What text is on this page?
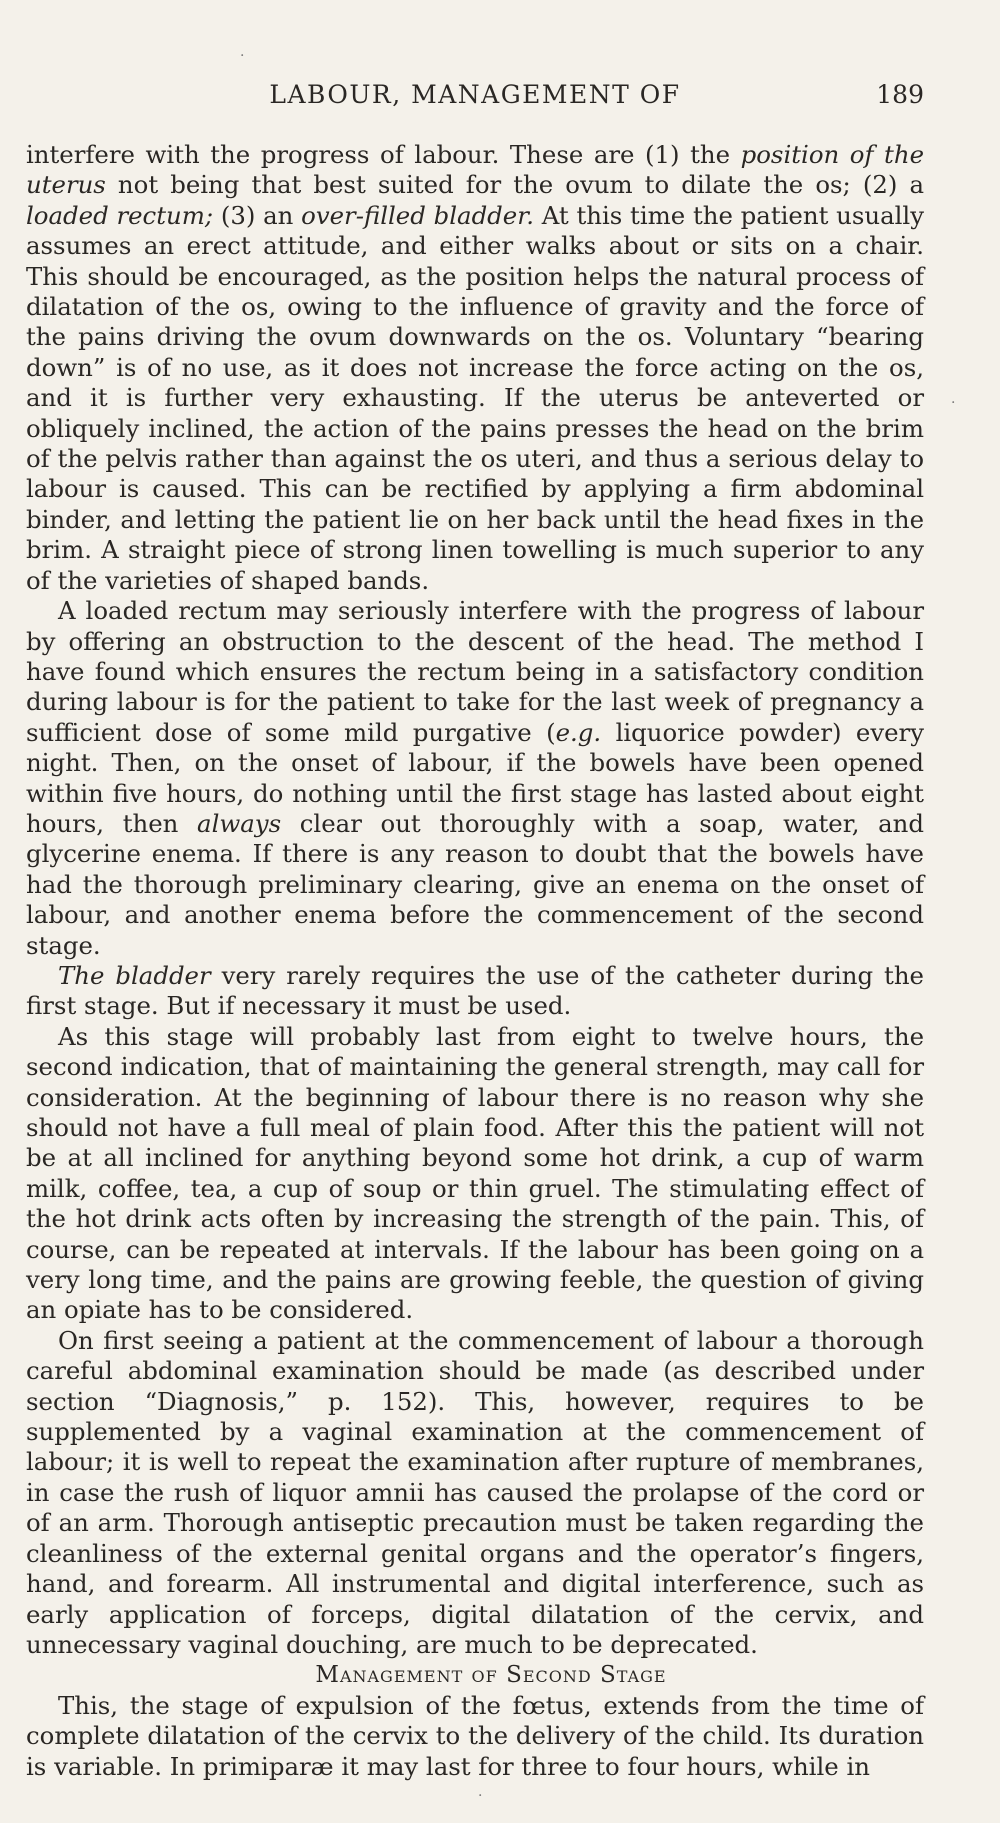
LABOUR, MANAGEMENT OF	189

interfere with the progress of labour. These are (1) the position of the uterus not being that best suited for the ovum to dilate the os; (2) a loaded rectum; (3) an over-filled bladder. At this time the patient usually assumes an erect attitude, and either walks about or sits on a chair. This should be encouraged, as the position helps the natural process of dilatation of the os, owing to the influence of gravity and the force of the pains driving the ovum downwards on the os. Voluntary “bearing down” is of no use, as it does not increase the force acting on the os, and it is further very exhausting. If the uterus be anteverted or obliquely inclined, the action of the pains presses the head on the brim of the pelvis rather than against the os uteri, and thus a serious delay to labour is caused. This can be rectified by applying a firm abdominal binder, and letting the patient lie on her back until the head fixes in the brim. A straight piece of strong linen towelling is much superior to any of the varieties of shaped bands.

A loaded rectum may seriously interfere with the progress of labour by offering an obstruction to the descent of the head. The method I have found which ensures the rectum being in a satisfactory condition during labour is for the patient to take for the last week of pregnancy a sufficient dose of some mild purgative (e.g. liquorice powder) every night. Then, on the onset of labour, if the bowels have been opened within five hours, do nothing until the first stage has lasted about eight hours, then always clear out thoroughly with a soap, water, and glycerine enema. If there is any reason to doubt that the bowels have had the thorough preliminary clearing, give an enema on the onset of labour, and another enema before the commencement of the second stage.

The bladder very rarely requires the use of the catheter during the first stage. But if necessary it must be used.

As this stage will probably last from eight to twelve hours, the second indication, that of maintaining the general strength, may call for consideration. At the beginning of labour there is no reason why she should not have a full meal of plain food. After this the patient will not be at all inclined for anything beyond some hot drink, a cup of warm milk, coffee, tea, a cup of soup or thin gruel. The stimulating effect of the hot drink acts often by increasing the strength of the pain. This, of course, can be repeated at intervals. If the labour has been going on a very long time, and the pains are growing feeble, the question of giving an opiate has to be considered.

On first seeing a patient at the commencement of labour a thorough careful abdominal examination should be made (as described under section “Diagnosis,” p. 152). This, however, requires to be supplemented by a vaginal examination at the commencement of labour; it is well to repeat the examination after rupture of membranes, in case the rush of liquor amnii has caused the prolapse of the cord or of an arm. Thorough antiseptic precaution must be taken regarding the cleanliness of the external genital organs and the operator’s fingers, hand, and forearm. All instrumental and digital interference, such as early application of forceps, digital dilatation of the cervix, and unnecessary vaginal douching, are much to be deprecated.

Management of Second Stage

This, the stage of expulsion of the fœtus, extends from the time of complete dilatation of the cervix to the delivery of the child. Its duration is variable. In primiparæ it may last for three to four hours, while in

·
·
·
